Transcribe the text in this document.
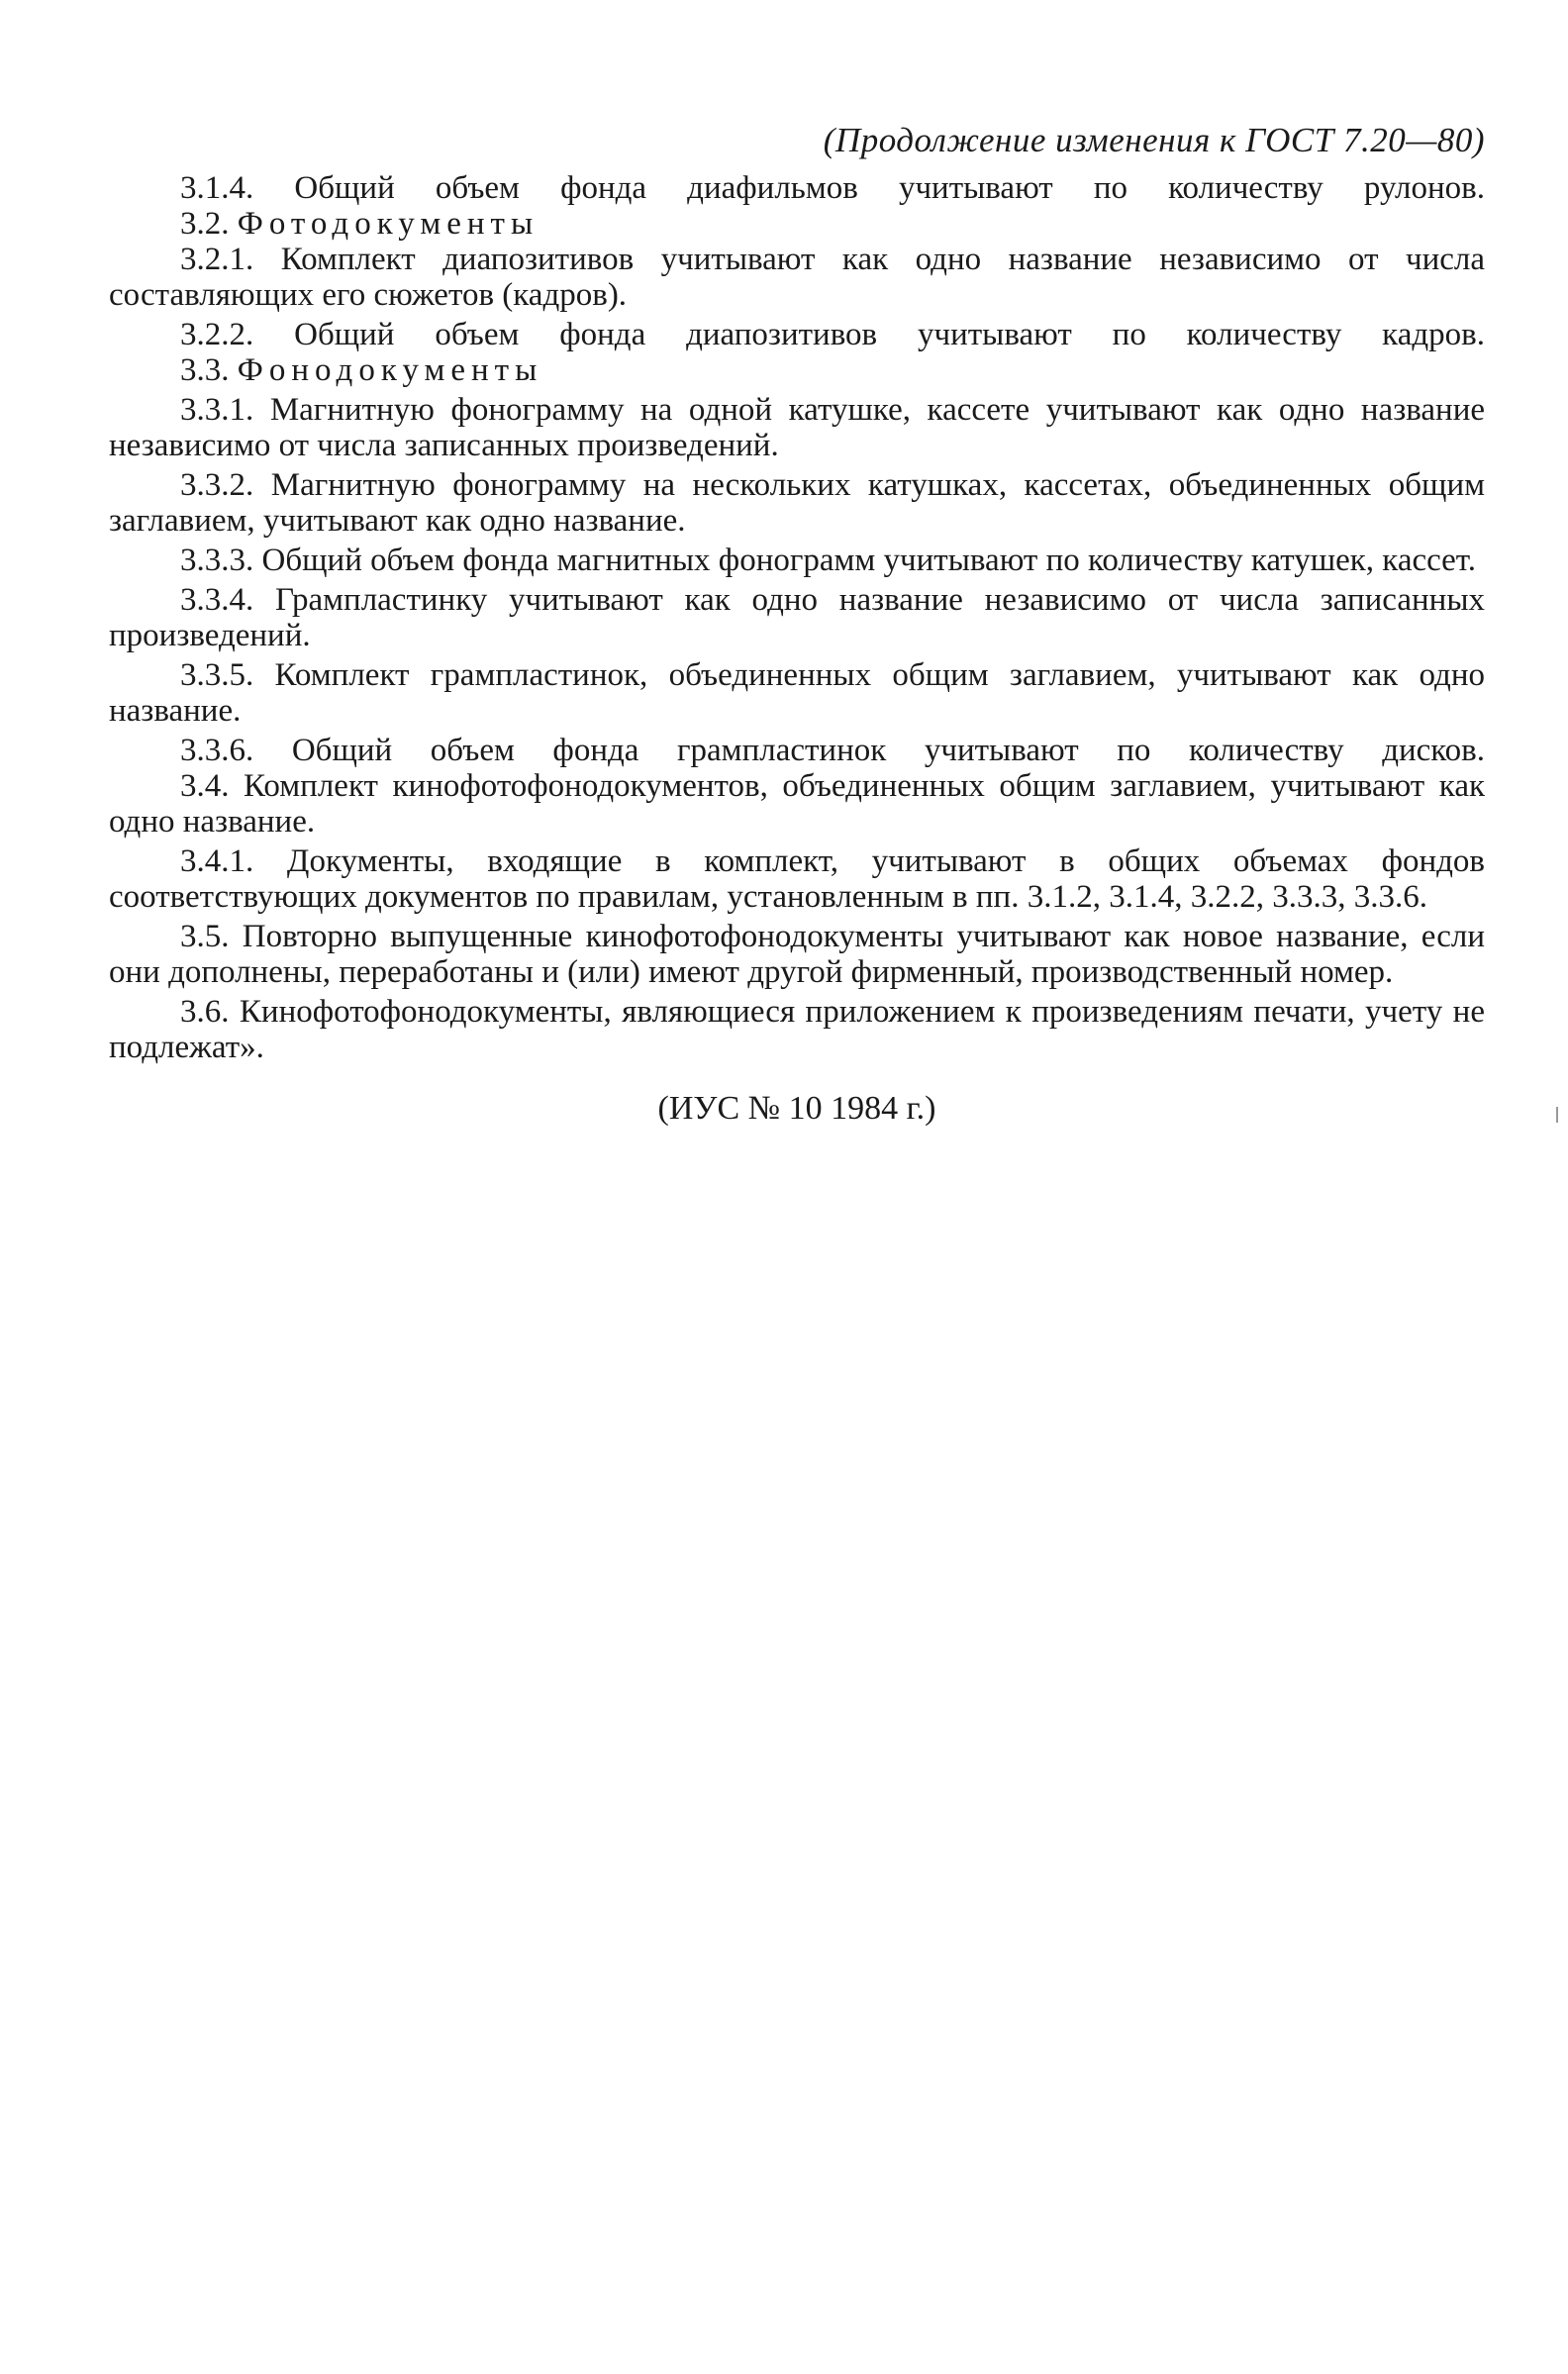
(Продолжение изменения к ГОСТ 7.20—80)

3.1.4. Общий объем фонда диафильмов учитывают по количеству рулонов.

3.2. Фотодокументы

3.2.1. Комплект диапозитивов учитывают как одно название независимо от числа составляющих его сюжетов (кадров).

3.2.2. Общий объем фонда диапозитивов учитывают по количеству кадров.

3.3. Фонодокументы

3.3.1. Магнитную фонограмму на одной катушке, кассете учитывают как одно название независимо от числа записанных произведений.

3.3.2. Магнитную фонограмму на нескольких катушках, кассетах, объединенных общим заглавием, учитывают как одно название.

3.3.3. Общий объем фонда магнитных фонограмм учитывают по количеству катушек, кассет.

3.3.4. Грампластинку учитывают как одно название независимо от числа записанных произведений.

3.3.5. Комплект грампластинок, объединенных общим заглавием, учитывают как одно название.

3.3.6. Общий объем фонда грампластинок учитывают по количеству дисков.

3.4. Комплект кинофотофонодокументов, объединенных общим заглавием, учитывают как одно название.

3.4.1. Документы, входящие в комплект, учитывают в общих объемах фондов соответствующих документов по правилам, установленным в пп. 3.1.2, 3.1.4, 3.2.2, 3.3.3, 3.3.6.

3.5. Повторно выпущенные кинофотофонодокументы учитывают как новое название, если они дополнены, переработаны и (или) имеют другой фирменный, производственный номер.

3.6. Кинофотофонодокументы, являющиеся приложением к произведениям печати, учету не подлежат».

(ИУС № 10 1984 г.)
